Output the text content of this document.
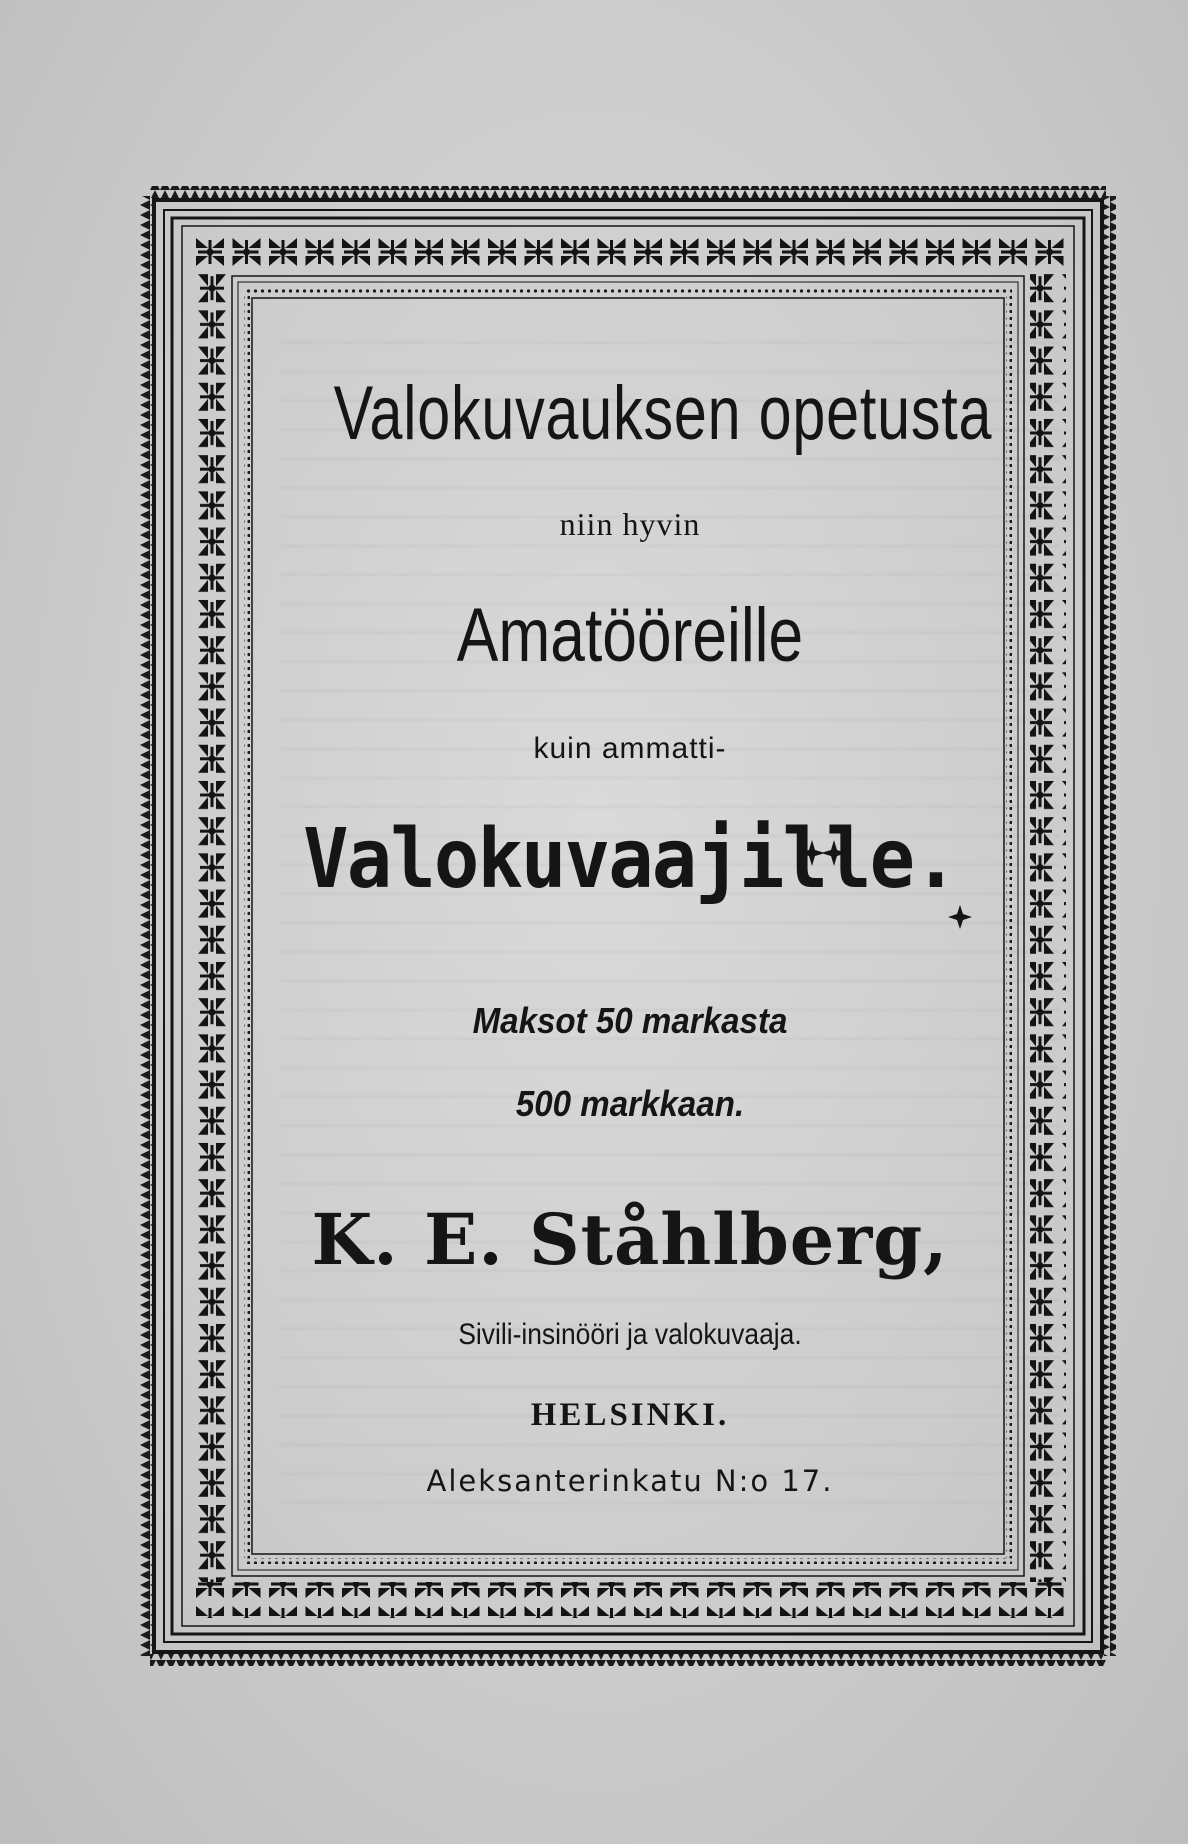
Valokuvauksen opetusta
niin hyvin
Amatööreille
kuin ammatti-
Valokuvaajille.
Maksot 50 markasta
500 markkaan.
K. E. Ståhlberg,
Sivili-insinööri ja valokuvaaja.
HELSINKI.
Aleksanterinkatu N:o 17.
